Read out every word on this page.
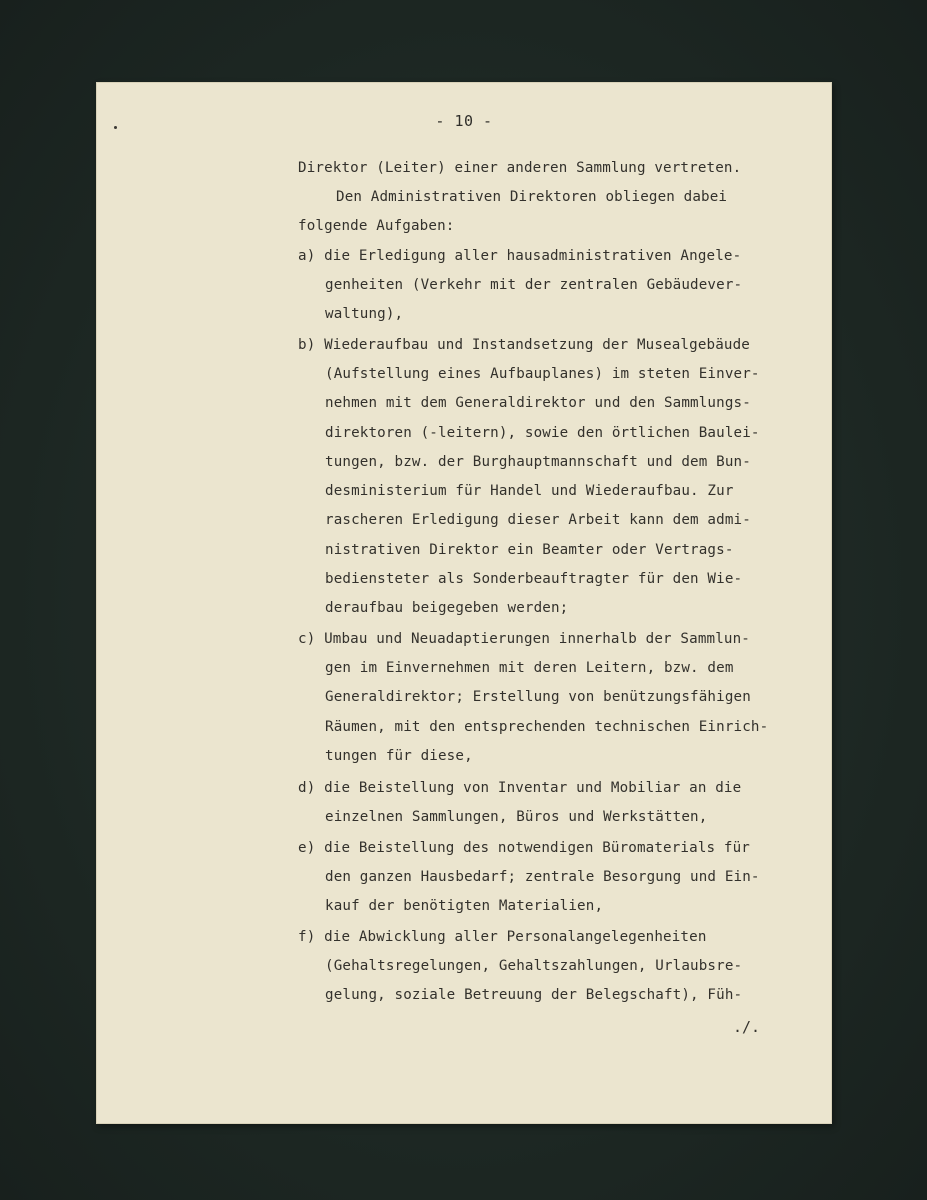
- 10 -
Direktor (Leiter) einer anderen Sammlung vertreten.
Den Administrativen Direktoren obliegen dabei
folgende Aufgaben:
a) die Erledigung aller hausadministrativen Angele-
genheiten (Verkehr mit der zentralen Gebäudever-
waltung),
b) Wiederaufbau und Instandsetzung der Musealgebäude
(Aufstellung eines Aufbauplanes) im steten Einver-
nehmen mit dem Generaldirektor und den Sammlungs-
direktoren (-leitern), sowie den örtlichen Baulei-
tungen, bzw. der Burghauptmannschaft und dem Bun-
desministerium für Handel und Wiederaufbau. Zur
rascheren Erledigung dieser Arbeit kann dem admi-
nistrativen Direktor ein Beamter oder Vertrags-
bediensteter als Sonderbeauftragter für den Wie-
deraufbau beigegeben werden;
c) Umbau und Neuadaptierungen innerhalb der Sammlun-
gen im Einvernehmen mit deren Leitern, bzw. dem
Generaldirektor; Erstellung von benützungsfähigen
Räumen, mit den entsprechenden technischen Einrich-
tungen für diese,
d) die Beistellung von Inventar und Mobiliar an die
einzelnen Sammlungen, Büros und Werkstätten,
e) die Beistellung des notwendigen Büromaterials für
den ganzen Hausbedarf; zentrale Besorgung und Ein-
kauf der benötigten Materialien,
f) die Abwicklung aller Personalangelegenheiten
(Gehaltsregelungen, Gehaltszahlungen, Urlaubsre-
gelung, soziale Betreuung der Belegschaft), Füh-
./.
